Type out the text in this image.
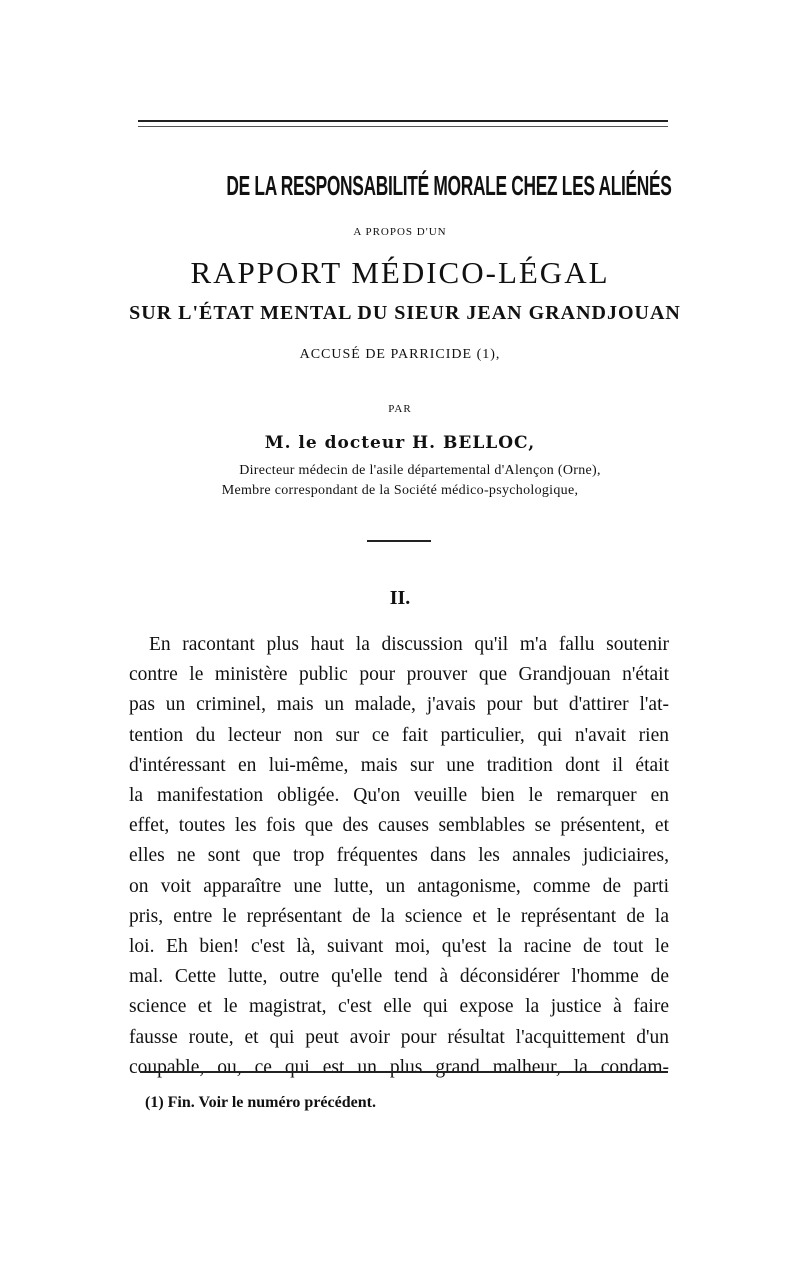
DE LA RESPONSABILITÉ MORALE CHEZ LES ALIÉNÉS
A PROPOS D'UN
RAPPORT MÉDICO-LÉGAL
SUR L'ÉTAT MENTAL DU SIEUR JEAN GRANDJOUAN
ACCUSÉ DE PARRICIDE (1),
PAR
M. le docteur H. BELLOC,
Directeur médecin de l'asile départemental d'Alençon (Orne),
Membre correspondant de la Société médico-psychologique,
II.
En racontant plus haut la discussion qu'il m'a fallu soutenir
contre le ministère public pour prouver que Grandjouan n'était
pas un criminel, mais un malade, j'avais pour but d'attirer l'at-
tention du lecteur non sur ce fait particulier, qui n'avait rien
d'intéressant en lui-même, mais sur une tradition dont il était
la manifestation obligée. Qu'on veuille bien le remarquer en
effet, toutes les fois que des causes semblables se présentent, et
elles ne sont que trop fréquentes dans les annales judiciaires,
on voit apparaître une lutte, un antagonisme, comme de parti
pris, entre le représentant de la science et le représentant de la
loi. Eh bien! c'est là, suivant moi, qu'est la racine de tout le
mal. Cette lutte, outre qu'elle tend à déconsidérer l'homme de
science et le magistrat, c'est elle qui expose la justice à faire
fausse route, et qui peut avoir pour résultat l'acquittement d'un
coupable, ou, ce qui est un plus grand malheur, la condam-
(1) Fin. Voir le numéro précédent.
